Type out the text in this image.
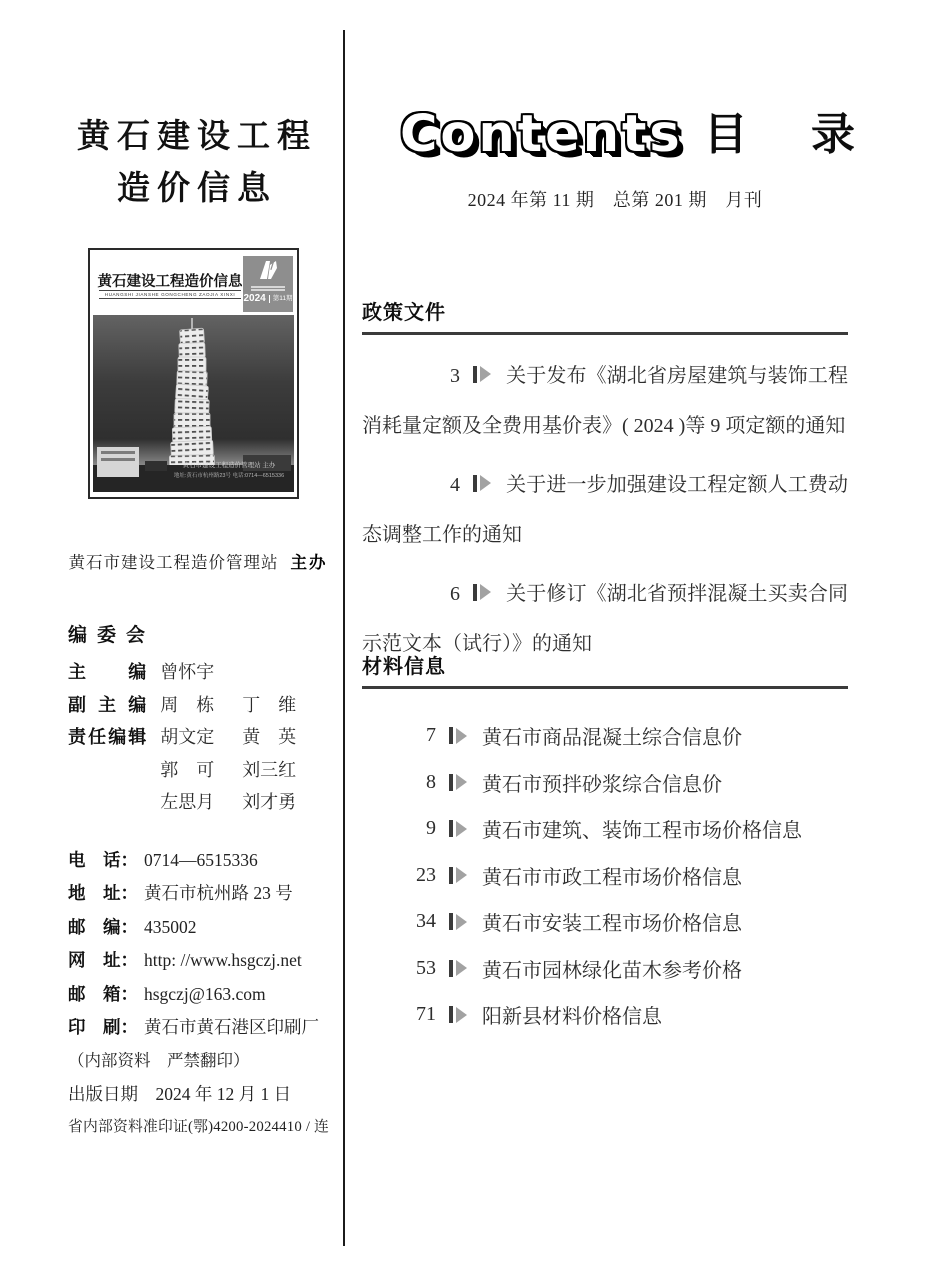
黄石建设工程
造价信息
黄石建设工程造价信息
HUANGSHI JIANSHE GONGCHENG ZAOJIA XINXI 2024	第11期
黄石市建设工程造价管理站 主办
地址:黄石市杭州路23号 电话:0714—6515336
黄石市建设工程造价管理站 主办
编委会
主编 曾怀宇
副主编 周　栋 丁　维
责任编辑 胡文定 黄　英
郭　可 刘三红
左思月 刘才勇
电　话： 0714—6515336
地　址： 黄石市杭州路 23 号
邮　编： 435002
网　址： http: //www.hsgczj.net
邮　箱： hsgczj@163.com
印　刷： 黄石市黄石港区印刷厂
（内部资料　严禁翻印）
出版日期　2024 年 12 月 1 日
省内部资料准印证(鄂)4200-2024410 / 连
Contents 目 录
2024 年第 11 期　总第 201 期　月刊
政策文件

3 关于发布《湖北省房屋建筑与装饰工程消耗量定额及全费用基价表》( 2024 )等 9 项定额的通知

4 关于进一步加强建设工程定额人工费动态调整工作的通知

6 关于修订《湖北省预拌混凝土买卖合同示范文本（试行）》的通知

材料信息
7 黄石市商品混凝土综合信息价
8 黄石市预拌砂浆综合信息价
9 黄石市建筑、装饰工程市场价格信息
23 黄石市市政工程市场价格信息
34 黄石市安装工程市场价格信息
53 黄石市园林绿化苗木参考价格
71 阳新县材料价格信息
